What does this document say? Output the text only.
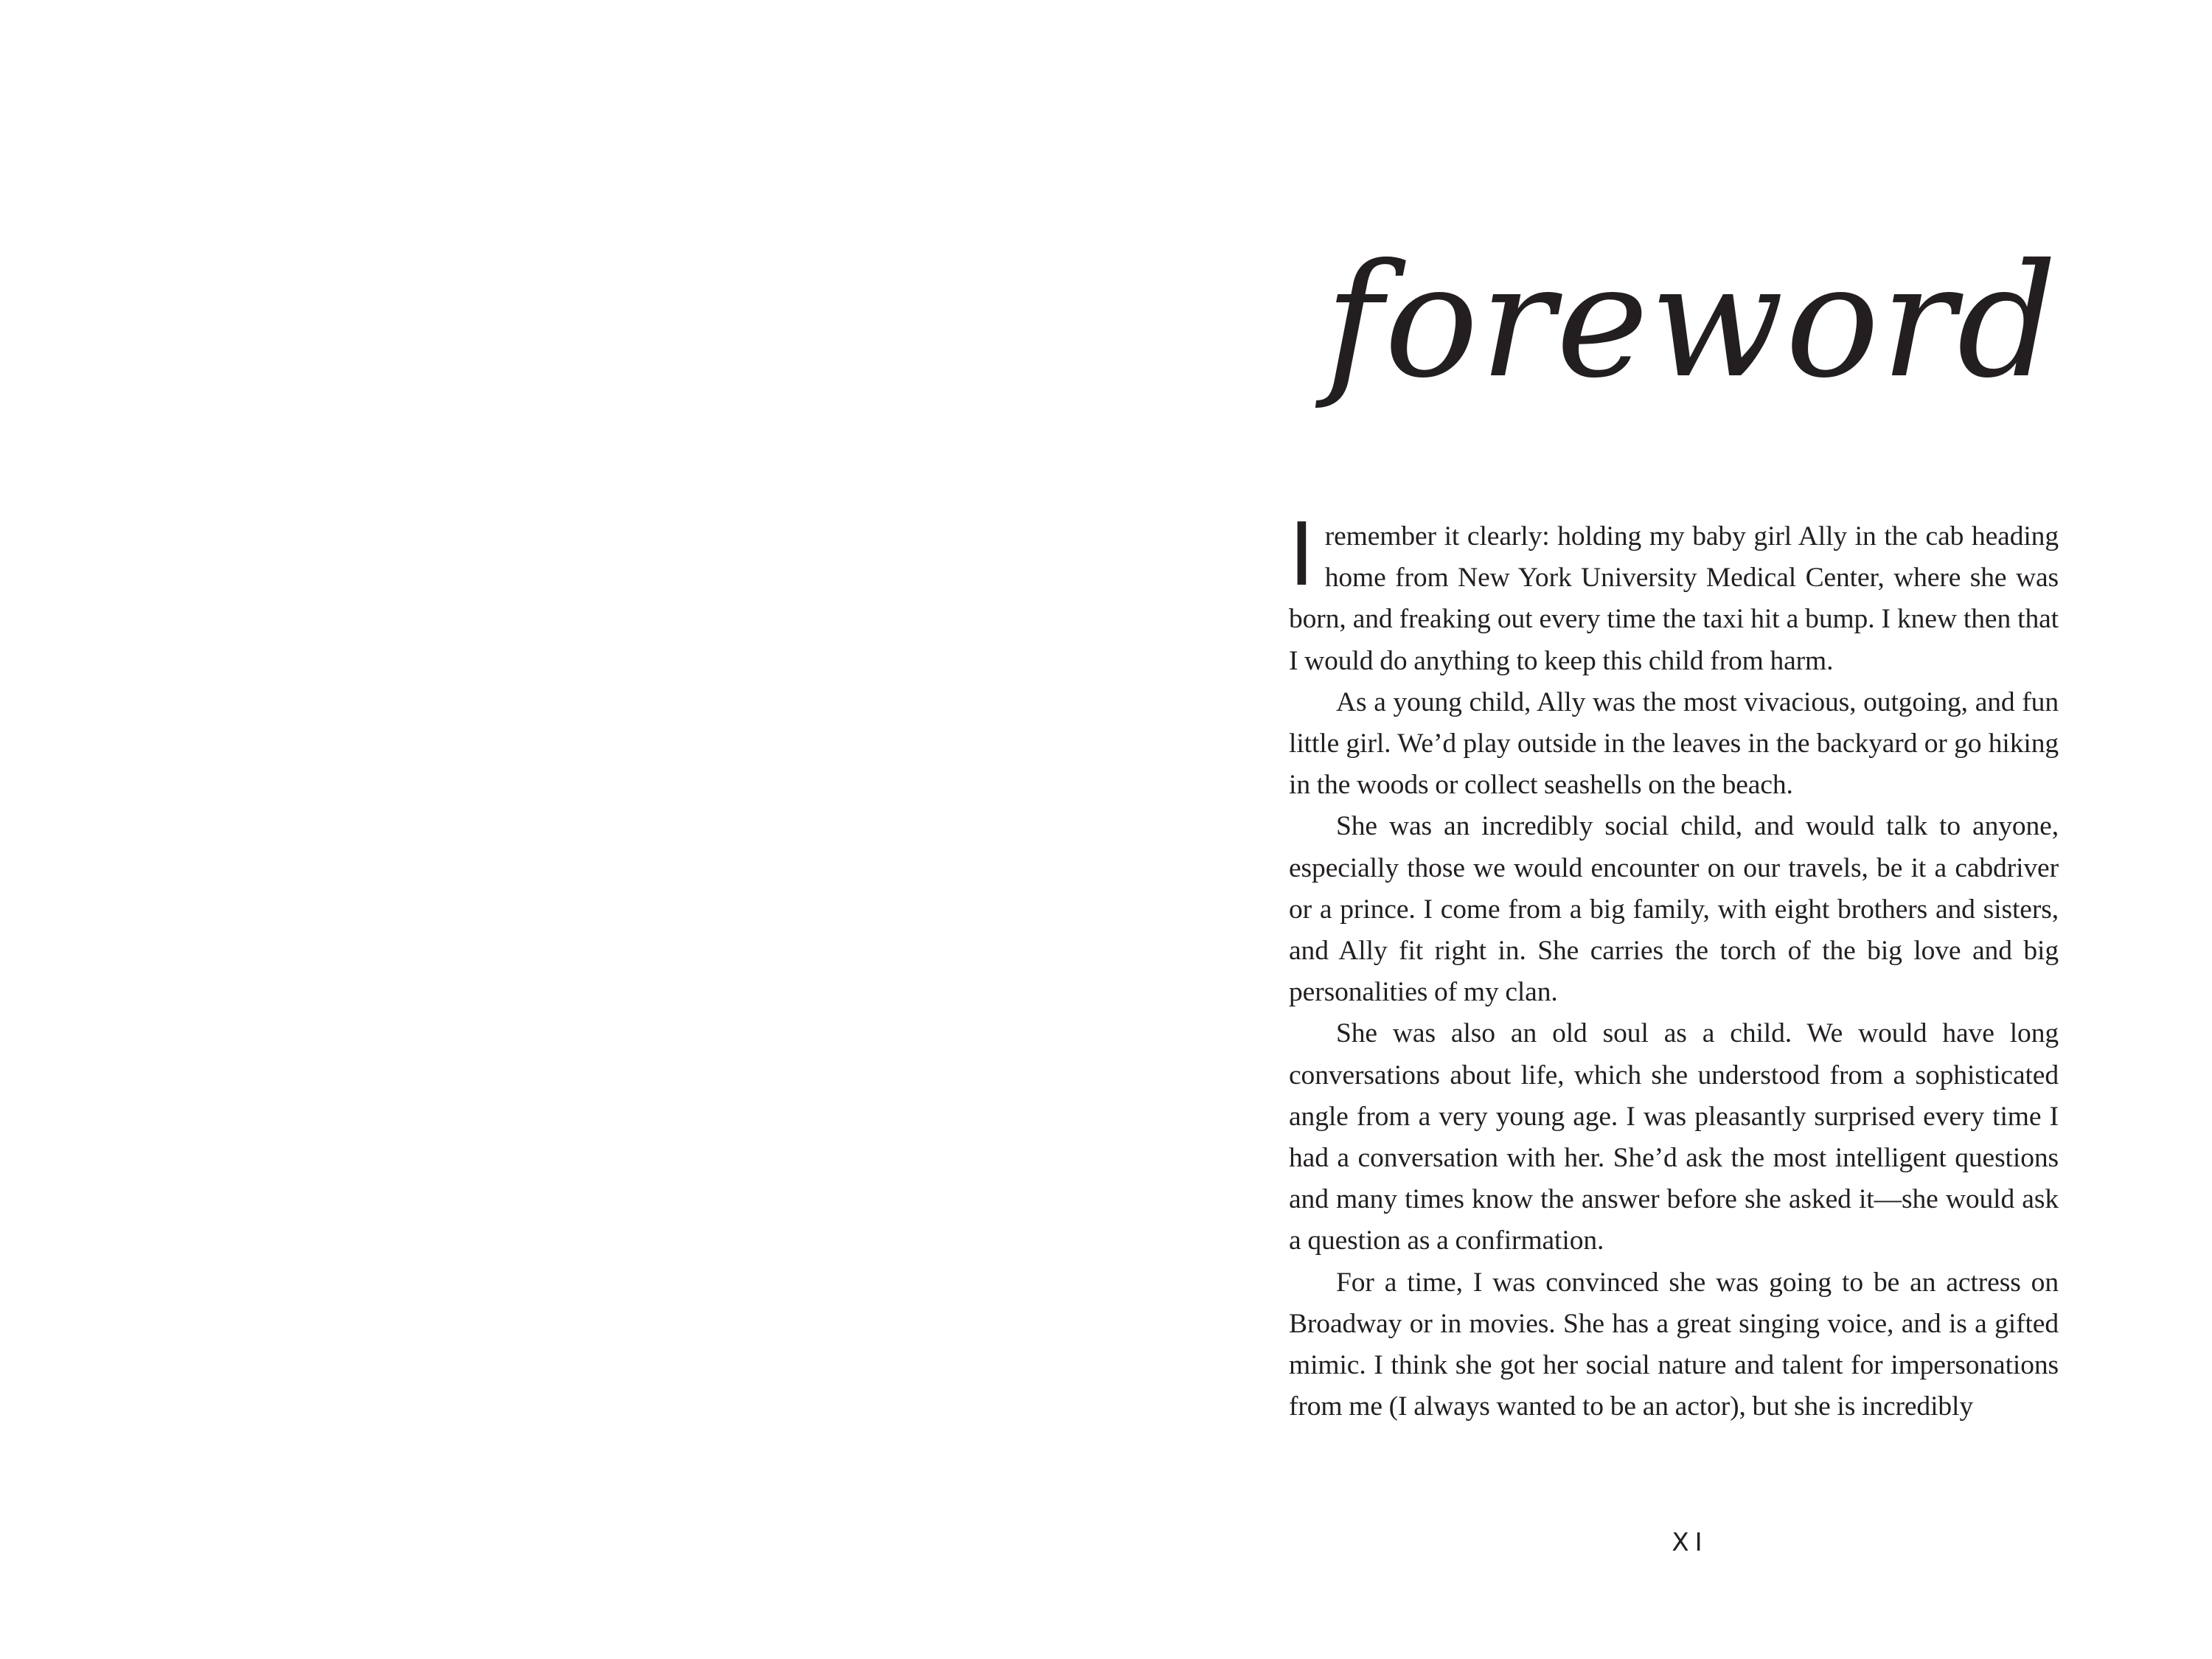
foreword

I remember it clearly: holding my baby girl Ally in the cab heading home from New York University Medical Center, where she was born, and freaking out every time the taxi hit a bump. I knew then that I would do anything to keep this child from harm.

As a young child, Ally was the most vivacious, outgoing, and fun little girl. We’d play outside in the leaves in the backyard or go hiking in the woods or collect seashells on the beach.

She was an incredibly social child, and would talk to anyone, especially those we would encounter on our travels, be it a cabdriver or a prince. I come from a big family, with eight brothers and sisters, and Ally fit right in. She carries the torch of the big love and big personalities of my clan.

She was also an old soul as a child. We would have long conversations about life, which she understood from a sophisticated angle from a very young age. I was pleasantly surprised every time I had a conversation with her. She’d ask the most intelligent questions and many times know the answer before she asked it—she would ask a question as a confirmation.

For a time, I was convinced she was going to be an actress on Broadway or in movies. She has a great singing voice, and is a gifted mimic. I think she got her social nature and talent for impersonations from me (I always wanted to be an actor), but she is incredibly

XI
